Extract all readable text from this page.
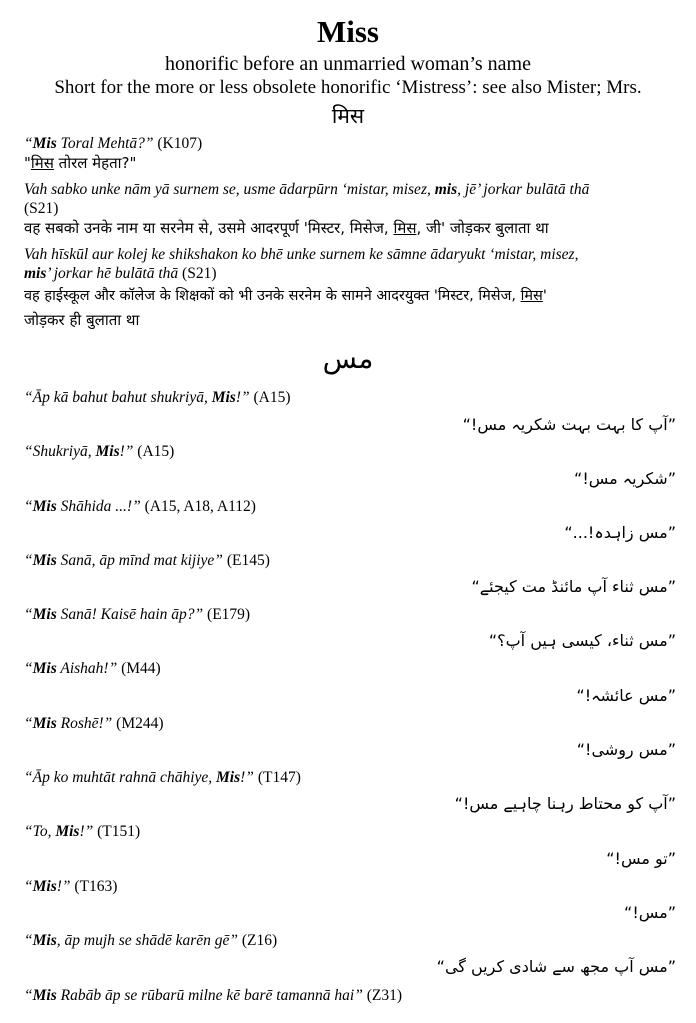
Miss
honorific before an unmarried woman’s name
Short for the more or less obsolete honorific ‘Mistress’: see also Mister; Mrs.
मिस
“Mis Toral Mehtā?” (K107)
"मिस तोरल मेहता?"
Vah sabko unke nām yā surnem se, usme ādarpūrn ‘mistar, misez, mis, jē’ jorkar bulātā thā
(S21)
वह सबको उनके नाम या सरनेम से, उसमे आदरपूर्ण 'मिस्टर, मिसेज, मिस, जी' जोड़कर बुलाता था
Vah hīskūl aur kolej ke shikshakon ko bhē unke surnem ke sāmne ādaryukt ‘mistar, misez,
mis’ jorkar hē bulātā thā (S21)
वह हाईस्कूल और कॉलेज के शिक्षकों को भी उनके सरनेम के सामने आदरयुक्त 'मिस्टर, मिसेज, मिस'
जोड़कर ही बुलाता था
مس
“Āp kā bahut bahut shukriyā, Mis!” (A15)
”آپ کا بہت بہت شکریہ مس!“
“Shukriyā, Mis!” (A15)
”شکریہ مس!“
“Mis Shāhida ...!” (A15, A18, A112)
”مس زاہدہ!...“
“Mis Sanā, āp mīnd mat kijiye” (E145)
”مس ثناء آپ مائنڈ مت کیجئے“
“Mis Sanā! Kaisē hain āp?” (E179)
”مس ثناء، کیسی ہیں آپ؟“
“Mis Aishah!” (M44)
”مس عائشہ!“
“Mis Roshē!” (M244)
”مس روشی!“
“Āp ko muhtāt rahnā chāhiye, Mis!” (T147)
”آپ کو محتاط رہنا چاہیے مس!“
“To, Mis!” (T151)
”تو مس!“
“Mis!” (T163)
”مس!“
“Mis, āp mujh se shādē karēn gē” (Z16)
”مس آپ مجھ سے شادی کریں گی“
“Mis Rabāb āp se rūbarū milne kē barē tamannā hai” (Z31)
